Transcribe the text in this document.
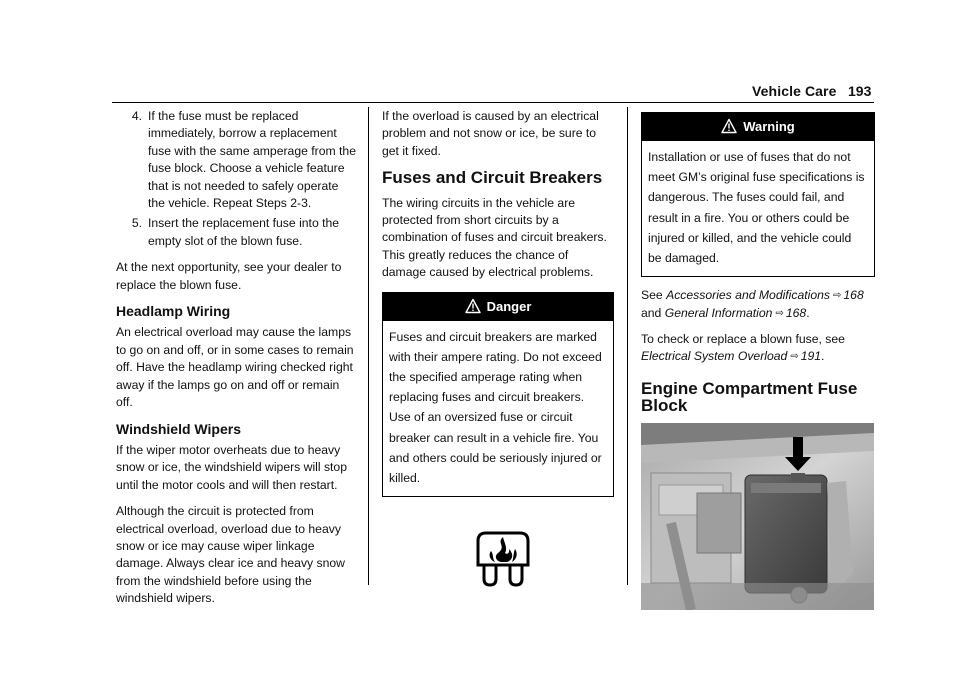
Vehicle Care 193
4. If the fuse must be replaced immediately, borrow a replacement fuse with the same amperage from the fuse block. Choose a vehicle feature that is not needed to safely operate the vehicle. Repeat Steps 2-3.
5. Insert the replacement fuse into the empty slot of the blown fuse.

At the next opportunity, see your dealer to replace the blown fuse.

Headlamp Wiring

An electrical overload may cause the lamps to go on and off, or in some cases to remain off. Have the headlamp wiring checked right away if the lamps go on and off or remain off.

Windshield Wipers

If the wiper motor overheats due to heavy snow or ice, the windshield wipers will stop until the motor cools and will then restart.

Although the circuit is protected from electrical overload, overload due to heavy snow or ice may cause wiper linkage damage. Always clear ice and heavy snow from the windshield before using the windshield wipers.

If the overload is caused by an electrical problem and not snow or ice, be sure to get it fixed.

Fuses and Circuit Breakers

The wiring circuits in the vehicle are protected from short circuits by a combination of fuses and circuit breakers. This greatly reduces the chance of damage caused by electrical problems.

Danger
Fuses and circuit breakers are marked with their ampere rating. Do not exceed the specified amperage rating when replacing fuses and circuit breakers. Use of an oversized fuse or circuit breaker can result in a vehicle fire. You and others could be seriously injured or killed.
Warning
Installation or use of fuses that do not meet GM’s original fuse specifications is dangerous. The fuses could fail, and result in a fire. You or others could be injured or killed, and the vehicle could be damaged.

See Accessories and Modifications ⇨ 168 and General Information ⇨ 168.

To check or replace a blown fuse, see Electrical System Overload ⇨ 191.

Engine Compartment Fuse Block
